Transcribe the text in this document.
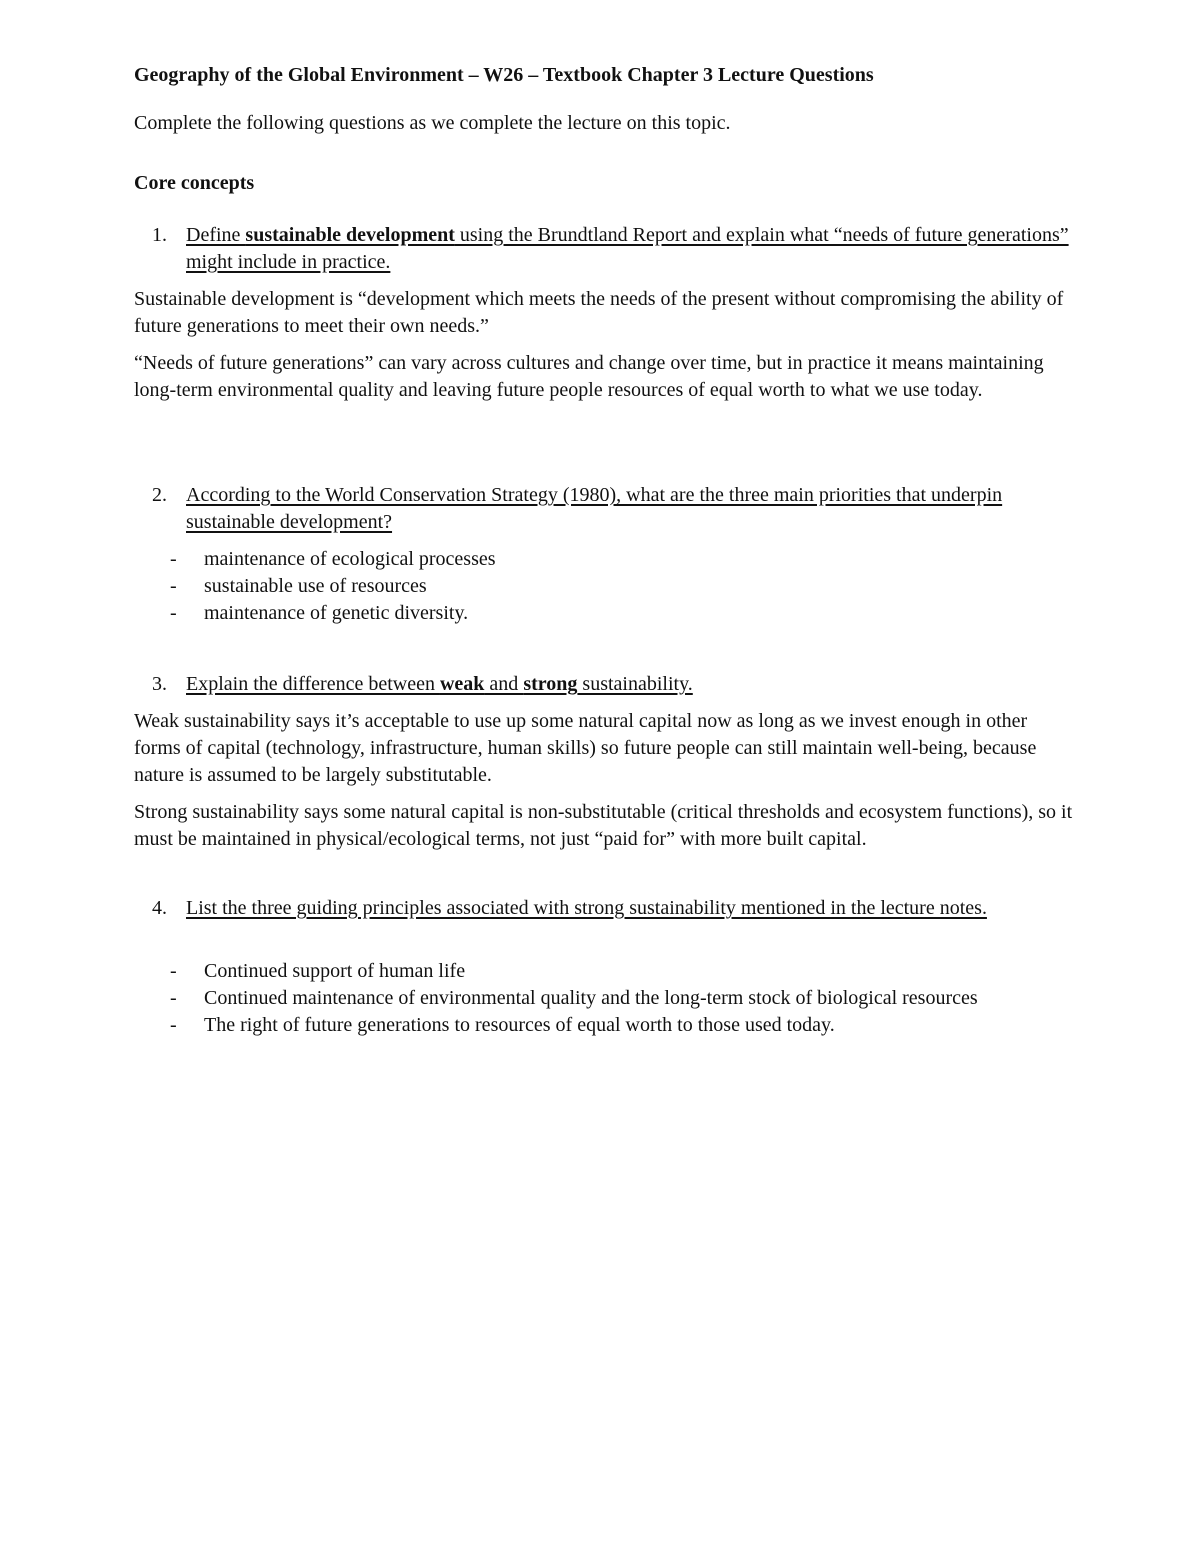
Geography of the Global Environment – W26 – Textbook Chapter 3 Lecture Questions

Complete the following questions as we complete the lecture on this topic.

Core concepts

1. Define sustainable development using the Brundtland Report and explain what “needs of future generations” might include in practice.

Sustainable development is “development which meets the needs of the present without compromising the ability of future generations to meet their own needs.”

“Needs of future generations” can vary across cultures and change over time, but in practice it means maintaining long-term environmental quality and leaving future people resources of equal worth to what we use today.

2. According to the World Conservation Strategy (1980), what are the three main priorities that underpin sustainable development?
- maintenance of ecological processes
- sustainable use of resources
- maintenance of genetic diversity.
3. Explain the difference between weak and strong sustainability.

Weak sustainability says it’s acceptable to use up some natural capital now as long as we invest enough in other forms of capital (technology, infrastructure, human skills) so future people can still maintain well-being, because nature is assumed to be largely substitutable.

Strong sustainability says some natural capital is non-substitutable (critical thresholds and ecosystem functions), so it must be maintained in physical/ecological terms, not just “paid for” with more built capital.

4. List the three guiding principles associated with strong sustainability mentioned in the lecture notes.
- Continued support of human life
- Continued maintenance of environmental quality and the long-term stock of biological resources
- The right of future generations to resources of equal worth to those used today.
